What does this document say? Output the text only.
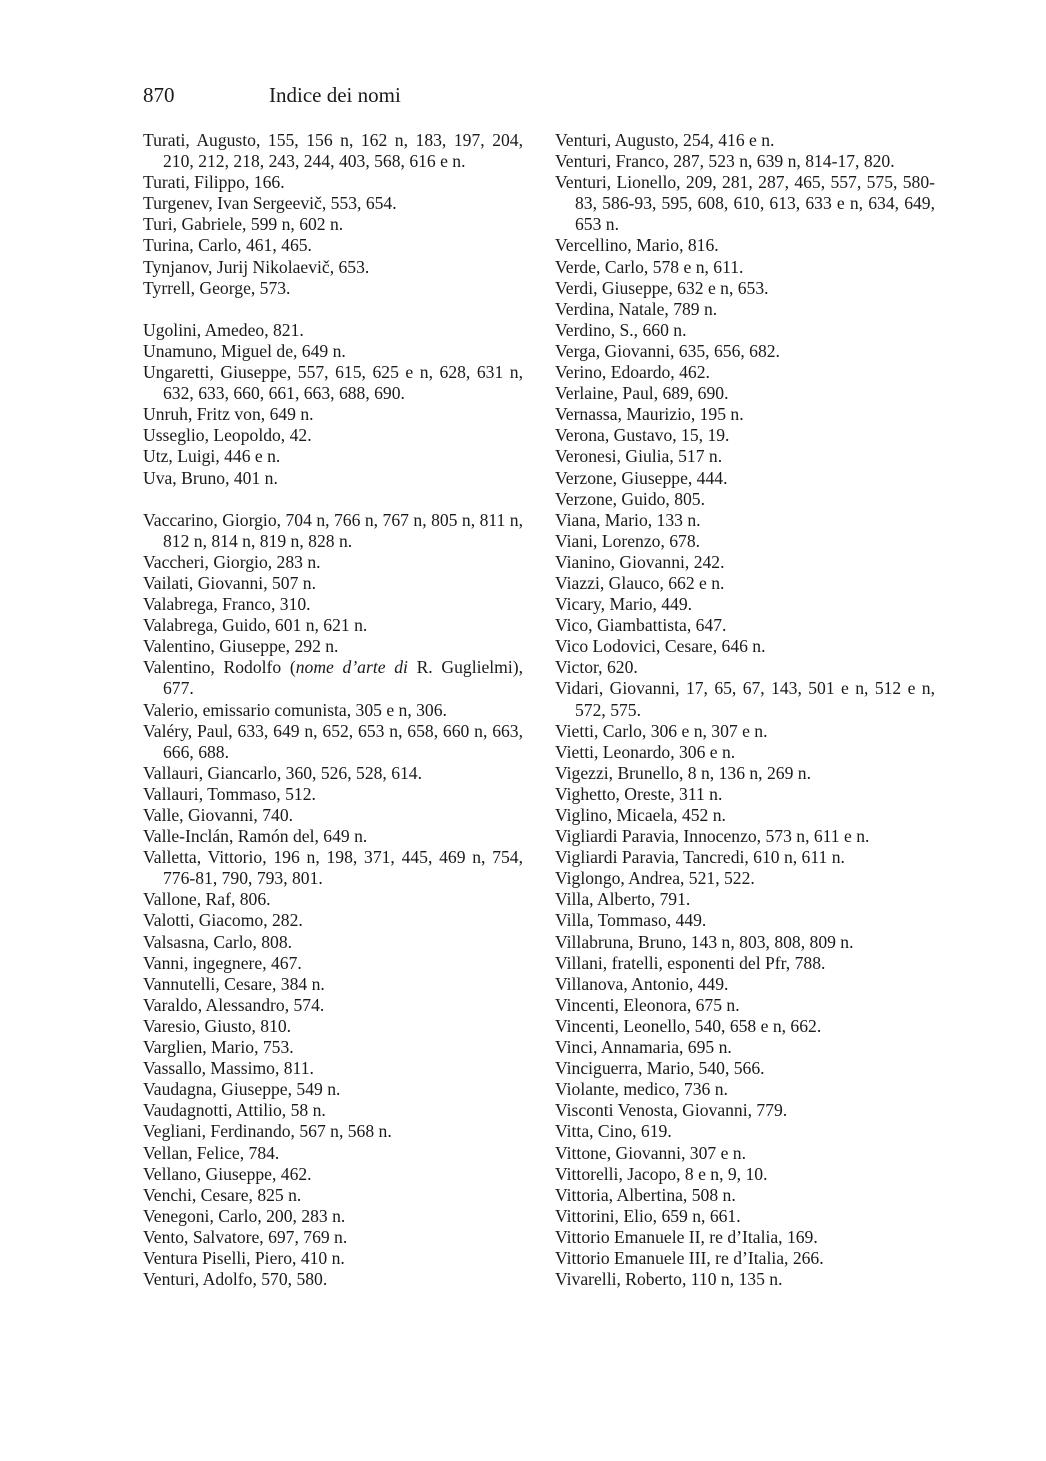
870	Indice dei nomi
Turati, Augusto, 155, 156 n, 162 n, 183, 197, 204, 210, 212, 218, 243, 244, 403, 568, 616 e n.
Turati, Filippo, 166.
Turgenev, Ivan Sergeevič, 553, 654.
Turi, Gabriele, 599 n, 602 n.
Turina, Carlo, 461, 465.
Tynjanov, Jurij Nikolaevič, 653.
Tyrrell, George, 573.
Ugolini, Amedeo, 821.
Unamuno, Miguel de, 649 n.
Ungaretti, Giuseppe, 557, 615, 625 e n, 628, 631 n, 632, 633, 660, 661, 663, 688, 690.
Unruh, Fritz von, 649 n.
Usseglio, Leopoldo, 42.
Utz, Luigi, 446 e n.
Uva, Bruno, 401 n.
Vaccarino, Giorgio, 704 n, 766 n, 767 n, 805 n, 811 n, 812 n, 814 n, 819 n, 828 n.
Vaccheri, Giorgio, 283 n.
Vailati, Giovanni, 507 n.
Valabrega, Franco, 310.
Valabrega, Guido, 601 n, 621 n.
Valentino, Giuseppe, 292 n.
Valentino, Rodolfo (nome d’arte di R. Guglielmi), 677.
Valerio, emissario comunista, 305 e n, 306.
Valéry, Paul, 633, 649 n, 652, 653 n, 658, 660 n, 663, 666, 688.
Vallauri, Giancarlo, 360, 526, 528, 614.
Vallauri, Tommaso, 512.
Valle, Giovanni, 740.
Valle-Inclán, Ramón del, 649 n.
Valletta, Vittorio, 196 n, 198, 371, 445, 469 n, 754, 776-81, 790, 793, 801.
Vallone, Raf, 806.
Valotti, Giacomo, 282.
Valsasna, Carlo, 808.
Vanni, ingegnere, 467.
Vannutelli, Cesare, 384 n.
Varaldo, Alessandro, 574.
Varesio, Giusto, 810.
Varglien, Mario, 753.
Vassallo, Massimo, 811.
Vaudagna, Giuseppe, 549 n.
Vaudagnotti, Attilio, 58 n.
Vegliani, Ferdinando, 567 n, 568 n.
Vellan, Felice, 784.
Vellano, Giuseppe, 462.
Venchi, Cesare, 825 n.
Venegoni, Carlo, 200, 283 n.
Vento, Salvatore, 697, 769 n.
Ventura Piselli, Piero, 410 n.
Venturi, Adolfo, 570, 580.
Venturi, Augusto, 254, 416 e n.
Venturi, Franco, 287, 523 n, 639 n, 814-17, 820.
Venturi, Lionello, 209, 281, 287, 465, 557, 575, 580-83, 586-93, 595, 608, 610, 613, 633 e n, 634, 649, 653 n.
Vercellino, Mario, 816.
Verde, Carlo, 578 e n, 611.
Verdi, Giuseppe, 632 e n, 653.
Verdina, Natale, 789 n.
Verdino, S., 660 n.
Verga, Giovanni, 635, 656, 682.
Verino, Edoardo, 462.
Verlaine, Paul, 689, 690.
Vernassa, Maurizio, 195 n.
Verona, Gustavo, 15, 19.
Veronesi, Giulia, 517 n.
Verzone, Giuseppe, 444.
Verzone, Guido, 805.
Viana, Mario, 133 n.
Viani, Lorenzo, 678.
Vianino, Giovanni, 242.
Viazzi, Glauco, 662 e n.
Vicary, Mario, 449.
Vico, Giambattista, 647.
Vico Lodovici, Cesare, 646 n.
Victor, 620.
Vidari, Giovanni, 17, 65, 67, 143, 501 e n, 512 e n, 572, 575.
Vietti, Carlo, 306 e n, 307 e n.
Vietti, Leonardo, 306 e n.
Vigezzi, Brunello, 8 n, 136 n, 269 n.
Vighetto, Oreste, 311 n.
Viglino, Micaela, 452 n.
Vigliardi Paravia, Innocenzo, 573 n, 611 e n.
Vigliardi Paravia, Tancredi, 610 n, 611 n.
Viglongo, Andrea, 521, 522.
Villa, Alberto, 791.
Villa, Tommaso, 449.
Villabruna, Bruno, 143 n, 803, 808, 809 n.
Villani, fratelli, esponenti del Pfr, 788.
Villanova, Antonio, 449.
Vincenti, Eleonora, 675 n.
Vincenti, Leonello, 540, 658 e n, 662.
Vinci, Annamaria, 695 n.
Vinciguerra, Mario, 540, 566.
Violante, medico, 736 n.
Visconti Venosta, Giovanni, 779.
Vitta, Cino, 619.
Vittone, Giovanni, 307 e n.
Vittorelli, Jacopo, 8 e n, 9, 10.
Vittoria, Albertina, 508 n.
Vittorini, Elio, 659 n, 661.
Vittorio Emanuele II, re d’Italia, 169.
Vittorio Emanuele III, re d’Italia, 266.
Vivarelli, Roberto, 110 n, 135 n.
